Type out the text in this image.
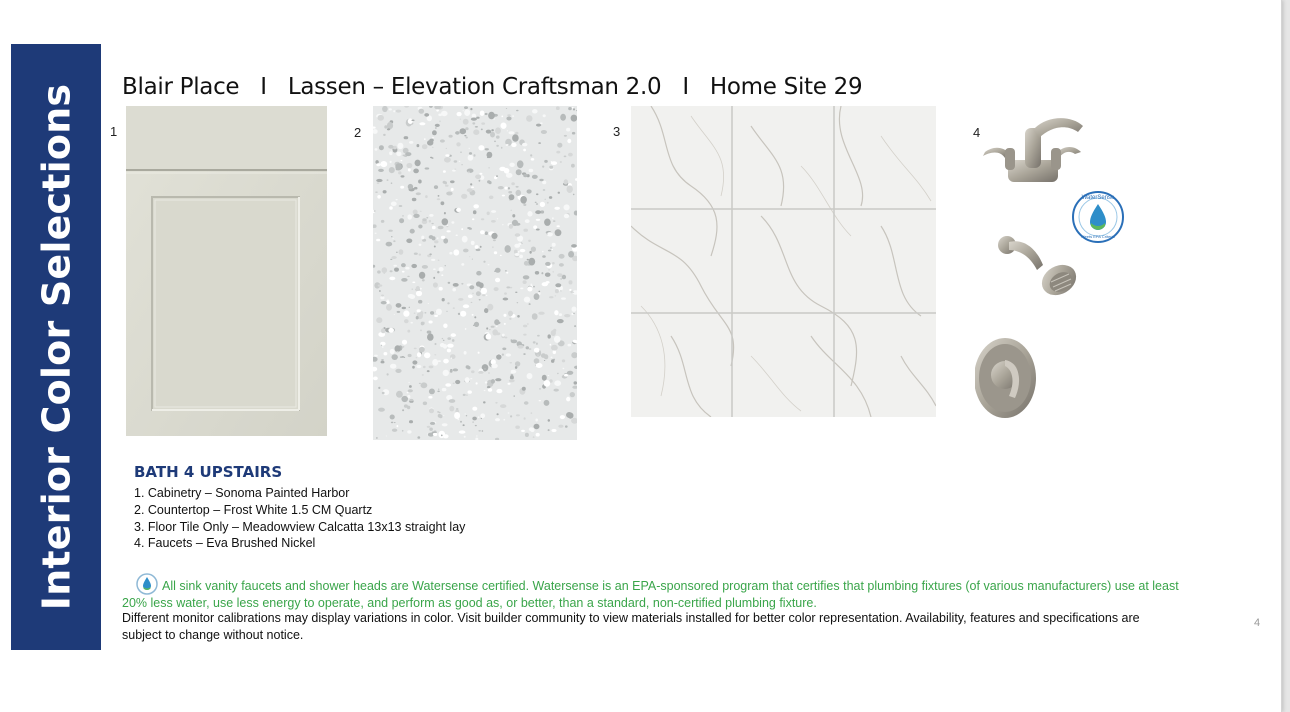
Interior Color Selections Blair Place   I   Lassen – Elevation Craftsman 2.0   I   Home Site 29
1	2	3	4
WaterSense
Meets EPA Criteria
BATH 4 UPSTAIRS
1. Cabinetry – Sonoma Painted Harbor
2. Countertop – Frost White 1.5 CM Quartz
3. Floor Tile Only – Meadowview Calcatta 13x13 straight lay
4. Faucets – Eva Brushed Nickel
All sink vanity faucets and shower heads are Watersense certified. Watersense is an EPA-sponsored program that certifies that plumbing fixtures (of various manufacturers) use at least 20% less water, use less energy to operate, and perform as good as, or better, than a standard, non-certified plumbing fixture.
Different monitor calibrations may display variations in color. Visit builder community to view materials installed for better color representation. Availability, features and specifications are subject to change without notice.
4
